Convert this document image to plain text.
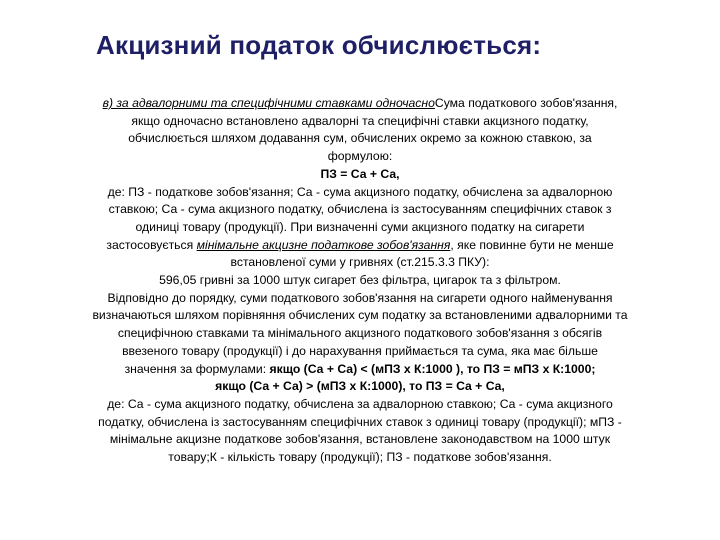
Акцизний податок обчислюється:
в) за адвалорними та специфічними ставками одночасноСума податкового зобов'язання,
якщо одночасно встановлено адвалорні та специфічні ставки акцизного податку,
обчислюється шляхом додавання сум, обчислених окремо за кожною ставкою, за
формулою:
ПЗ = Са + Са,
де: ПЗ - податкове зобов'язання; Са - сума акцизного податку, обчислена за адвалорною
ставкою; Са - сума акцизного податку, обчислена із застосуванням специфічних ставок з
одиниці товару (продукції). При визначенні суми акцизного податку на сигарети
застосовується мінімальне акцизне податкове зобов'язання, яке повинне бути не менше
встановленої суми у гривнях (ст.215.3.3 ПКУ):
596,05 гривні за 1000 штук сигарет без фільтра, цигарок та з фільтром.
Відповідно до порядку, суми податкового зобов'язання на сигарети одного найменування
визначаються шляхом порівняння обчислених сум податку за встановленими адвалорними та
специфічною ставками та мінімального акцизного податкового зобов'язання з обсягів
ввезеного товару (продукції) і до нарахування приймається та сума, яка має більше
значення за формулами: якщо (Са + Са) < (мПЗ х К:1000 ), то ПЗ = мПЗ х К:1000;
якщо (Са + Са) > (мПЗ х К:1000), то ПЗ = Са + Са,
де: Са - сума акцизного податку, обчислена за адвалорною ставкою; Са - сума акцизного
податку, обчислена із застосуванням специфічних ставок з одиниці товару (продукції); мПЗ -
мінімальне акцизне податкове зобов'язання, встановлене законодавством на 1000 штук
товару;К - кількість товару (продукції); ПЗ - податкове зобов'язання.
